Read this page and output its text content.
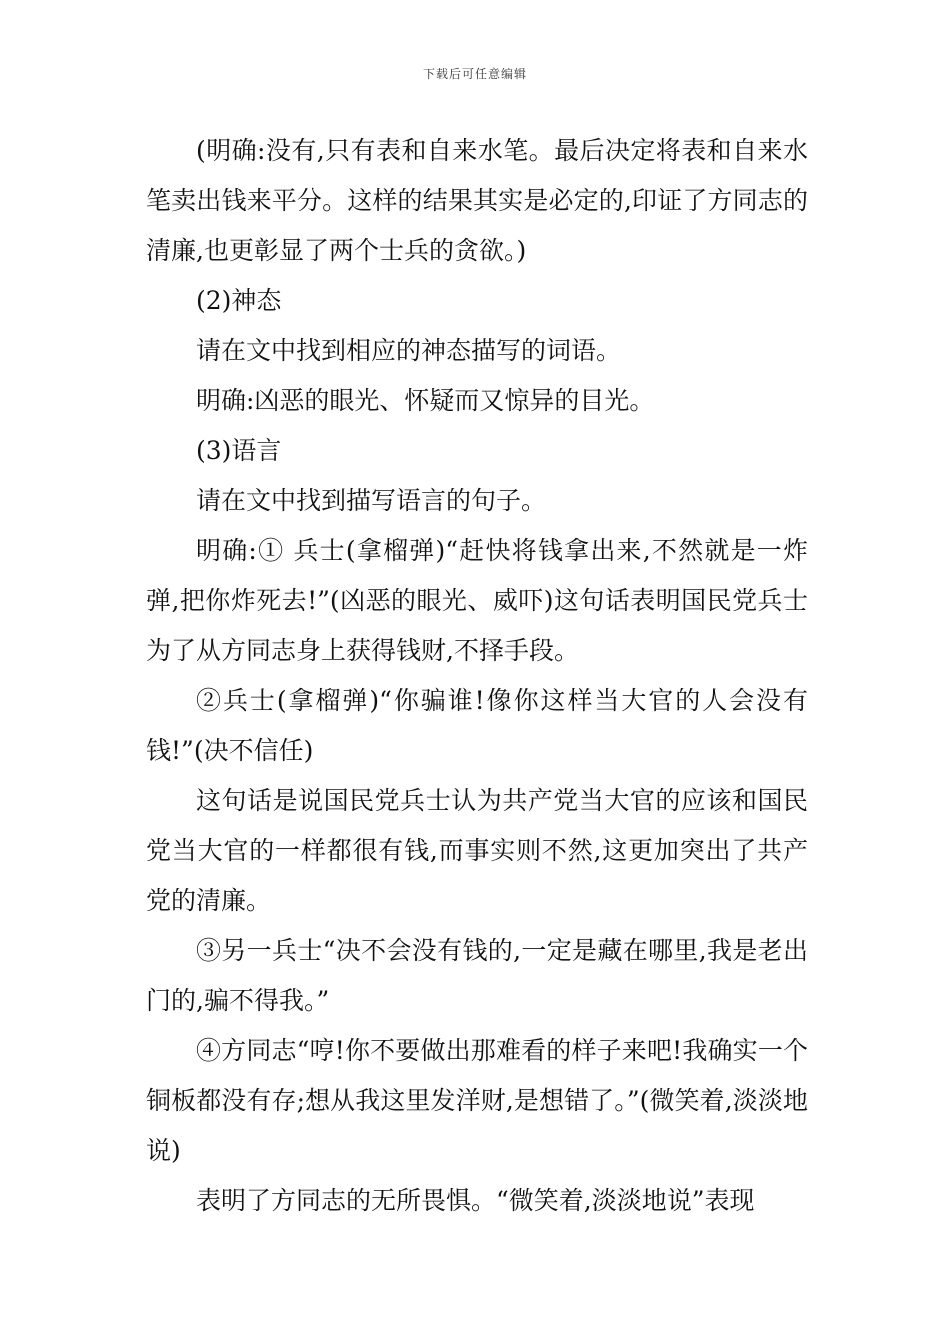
下载后可任意编辑

(明确:没有,只有表和自来水笔。最后决定将表和自来水笔卖出钱来平分。这样的结果其实是必定的,印证了方同志的清廉,也更彰显了两个士兵的贪欲。)

(2)神态

请在文中找到相应的神态描写的词语。

明确:凶恶的眼光、怀疑而又惊异的目光。

(3)语言

请在文中找到描写语言的句子。

明确:① 兵士(拿榴弹)“赶快将钱拿出来,不然就是一炸弹,把你炸死去!”(凶恶的眼光、威吓)这句话表明国民党兵士为了从方同志身上获得钱财,不择手段。

②兵士(拿榴弹)“你骗谁!像你这样当大官的人会没有钱!”(决不信任)

这句话是说国民党兵士认为共产党当大官的应该和国民党当大官的一样都很有钱,而事实则不然,这更加突出了共产党的清廉。

③另一兵士“决不会没有钱的,一定是藏在哪里,我是老出门的,骗不得我。”

④方同志“哼!你不要做出那难看的样子来吧!我确实一个铜板都没有存;想从我这里发洋财,是想错了。”(微笑着,淡淡地说)

表明了方同志的无所畏惧。“微笑着,淡淡地说”表现
